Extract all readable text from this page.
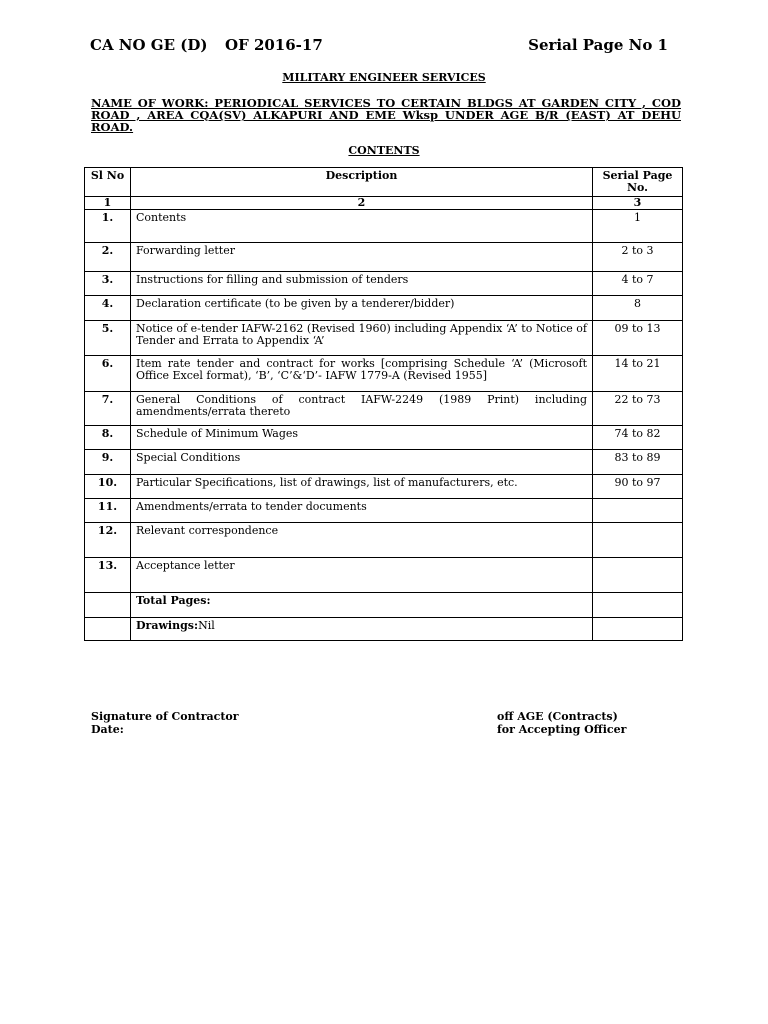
CA NO GE (D) OF 2016-17	Serial Page No 1
MILITARY ENGINEER SERVICES
NAME OF WORK: PERIODICAL SERVICES TO CERTAIN BLDGS AT GARDEN CITY , COD ROAD , AREA CQA(SV) ALKAPURI AND EME Wksp UNDER AGE B/R (EAST) AT DEHU ROAD.
CONTENTS
Sl No	Description	Serial Page No.
1	2	3
1.	Contents	1
2.	Forwarding letter	2 to 3
3.	Instructions for filling and submission of tenders	4 to 7
4.	Declaration certificate (to be given by a tenderer/bidder)	8
5.	Notice of e-tender IAFW-2162 (Revised 1960) including Appendix ‘A’ to Notice of Tender and Errata to Appendix ‘A’	09 to 13
6.	Item rate tender and contract for works [comprising Schedule ‘A’ (Microsoft Office Excel format), ‘B’, ‘C’&‘D’- IAFW 1779-A (Revised 1955]	14 to 21
7.	General Conditions of contract IAFW-2249 (1989 Print) including amendments/errata thereto	22 to 73
8.	Schedule of Minimum Wages	74 to 82
9.	Special Conditions	83 to 89
10.	Particular Specifications, list of drawings, list of manufacturers, etc.	90 to 97
11.	Amendments/errata to tender documents	
12.	Relevant correspondence	
13.	Acceptance letter	
	Total Pages:	
	Drawings:Nil	
Signature of Contractor
Date:
off AGE (Contracts)
for Accepting Officer
